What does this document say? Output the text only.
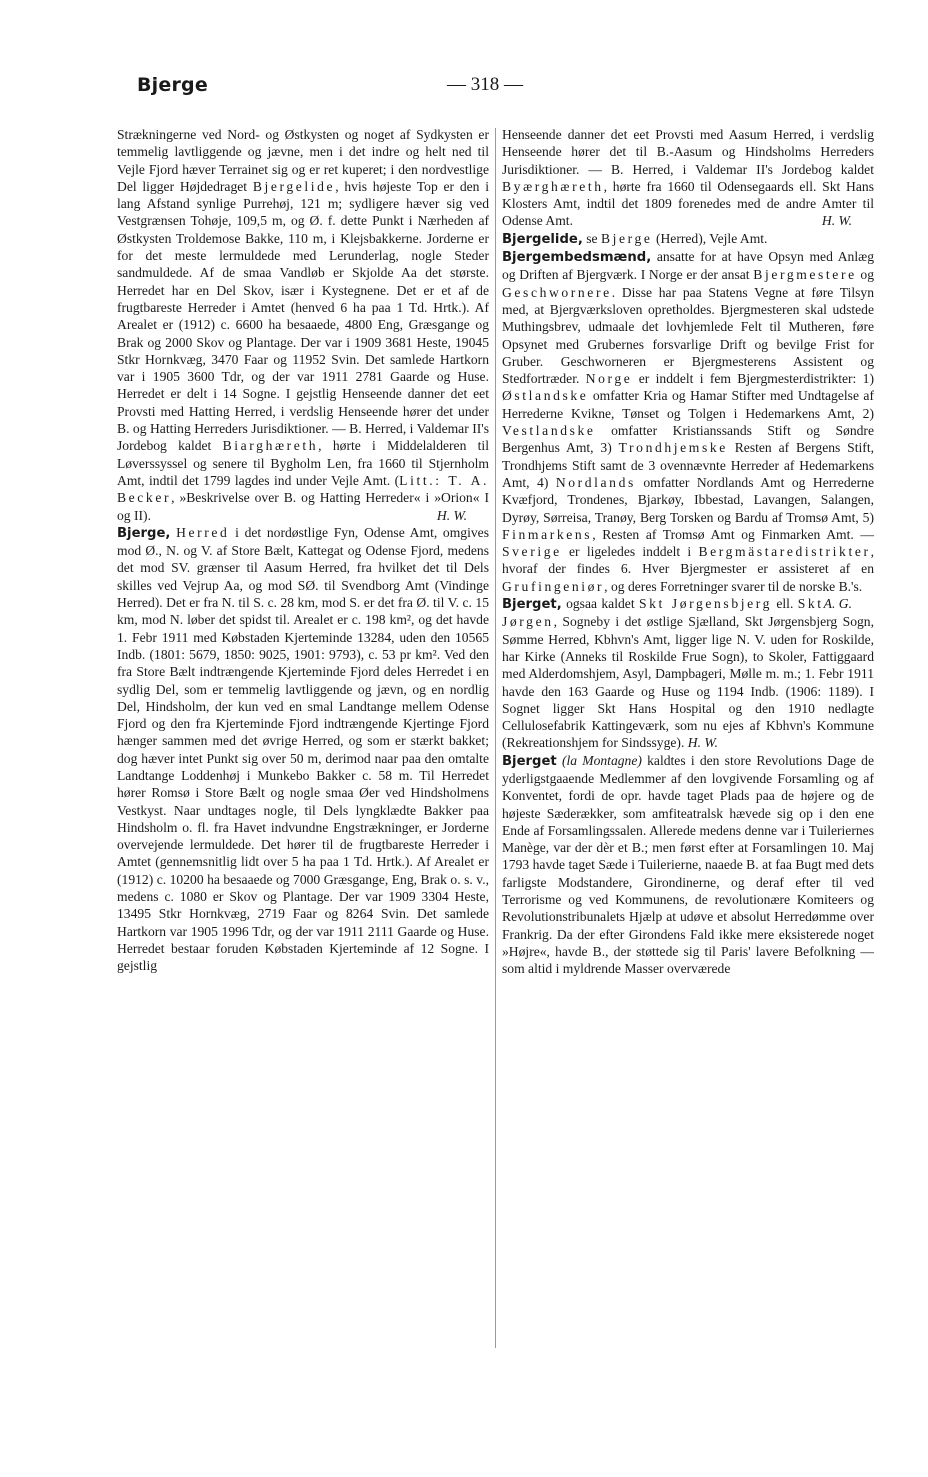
Bjerge	— 318 —

Strækningerne ved Nord- og Østkysten og noget af Sydkysten er temmelig lavtliggende og jævne, men i det indre og helt ned til Vejle Fjord hæver Terrainet sig og er ret kuperet; i den nordvestlige Del ligger Højdedraget Bjergelide, hvis højeste Top er den i lang Afstand synlige Purrehøj, 121 m; sydligere hæver sig ved Vestgrænsen Tohøje, 109,5 m, og Ø. f. dette Punkt i Nærheden af Østkysten Troldemose Bakke, 110 m, i Klejsbakkerne. Jorderne er for det meste lermuldede med Lerunderlag, nogle Steder sandmuldede. Af de smaa Vandløb er Skjolde Aa det største. Herredet har en Del Skov, især i Kystegnene. Det er et af de frugtbareste Herreder i Amtet (henved 6 ha paa 1 Td. Hrtk.). Af Arealet er (1912) c. 6600 ha besaaede, 4800 Eng, Græsgange og Brak og 2000 Skov og Plantage. Der var i 1909 3681 Heste, 19045 Stkr Hornkvæg, 3470 Faar og 11952 Svin. Det samlede Hartkorn var i 1905 3600 Tdr, og der var 1911 2781 Gaarde og Huse. Herredet er delt i 14 Sogne. I gejstlig Henseende danner det eet Provsti med Hatting Herred, i verdslig Henseende hører det under B. og Hatting Herreders Jurisdiktioner. — B. Herred, i Valdemar II's Jordebog kaldet Biarghæreth, hørte i Middelalderen til Løverssyssel og senere til Bygholm Len, fra 1660 til Stjernholm Amt, indtil det 1799 lagdes ind under Vejle Amt. (Litt.: T. A. Becker, »Beskrivelse over B. og Hatting Herreder« i »Orion« I og II).	H. W.

Bjerge, Herred i det nordøstlige Fyn, Odense Amt, omgives mod Ø., N. og V. af Store Bælt, Kattegat og Odense Fjord, medens det mod SV. grænser til Aasum Herred, fra hvilket det til Dels skilles ved Vejrup Aa, og mod SØ. til Svendborg Amt (Vindinge Herred). Det er fra N. til S. c. 28 km, mod S. er det fra Ø. til V. c. 15 km, mod N. løber det spidst til. Arealet er c. 198 km², og det havde 1. Febr 1911 med Købstaden Kjerteminde 13284, uden den 10565 Indb. (1801: 5679, 1850: 9025, 1901: 9793), c. 53 pr km². Ved den fra Store Bælt indtrængende Kjerteminde Fjord deles Herredet i en sydlig Del, som er temmelig lavtliggende og jævn, og en nordlig Del, Hindsholm, der kun ved en smal Landtange mellem Odense Fjord og den fra Kjerteminde Fjord indtrængende Kjertinge Fjord hænger sammen med det øvrige Herred, og som er stærkt bakket; dog hæver intet Punkt sig over 50 m, derimod naar paa den omtalte Landtange Loddenhøj i Munkebo Bakker c. 58 m. Til Herredet hører Romsø i Store Bælt og nogle smaa Øer ved Hindsholmens Vestkyst. Naar undtages nogle, til Dels lyngklædte Bakker paa Hindsholm o. fl. fra Havet indvundne Engstrækninger, er Jorderne overvejende lermuldede. Det hører til de frugtbareste Herreder i Amtet (gennemsnitlig lidt over 5 ha paa 1 Td. Hrtk.). Af Arealet er (1912) c. 10200 ha besaaede og 7000 Græsgange, Eng, Brak o. s. v., medens c. 1080 er Skov og Plantage. Der var 1909 3304 Heste, 13495 Stkr Hornkvæg, 2719 Faar og 8264 Svin. Det samlede Hartkorn var 1905 1996 Tdr, og der var 1911 2111 Gaarde og Huse. Herredet bestaar foruden Købstaden Kjerteminde af 12 Sogne. I gejstlig

Henseende danner det eet Provsti med Aasum Herred, i verdslig Henseende hører det til B.-Aasum og Hindsholms Herreders Jurisdiktioner. — B. Herred, i Valdemar II's Jordebog kaldet Byærghæreth, hørte fra 1660 til Odensegaards ell. Skt Hans Klosters Amt, indtil det 1809 forenedes med de andre Amter til Odense Amt.	H. W.

Bjergelide, se Bjerge (Herred), Vejle Amt.

Bjergembedsmænd, ansatte for at have Opsyn med Anlæg og Driften af Bjergværk. I Norge er der ansat Bjergmestere og Geschwornere. Disse har paa Statens Vegne at føre Tilsyn med, at Bjergværksloven opretholdes. Bjergmesteren skal udstede Muthingsbrev, udmaale det lovhjemlede Felt til Mutheren, føre Opsynet med Grubernes forsvarlige Drift og bevilge Frist for Gruber. Geschworneren er Bjergmesterens Assistent og Stedfortræder. Norge er inddelt i fem Bjergmesterdistrikter: 1) Østlandske omfatter Kria og Hamar Stifter med Undtagelse af Herrederne Kvikne, Tønset og Tolgen i Hedemarkens Amt, 2) Vestlandske omfatter Kristianssands Stift og Søndre Bergenhus Amt, 3) Trondhjemske Resten af Bergens Stift, Trondhjems Stift samt de 3 ovennævnte Herreder af Hedemarkens Amt, 4) Nordlands omfatter Nordlands Amt og Herrederne Kvæfjord, Trondenes, Bjarkøy, Ibbestad, Lavangen, Salangen, Dyrøy, Sørreisa, Tranøy, Berg Torsken og Bardu af Tromsø Amt, 5) Finmarkens, Resten af Tromsø Amt og Finmarken Amt. — Sverige er ligeledes inddelt i Bergmästaredistrikter, hvoraf der findes 6. Hver Bjergmester er assisteret af en Grufingeniør, og deres Forretninger svarer til de norske B.'s.
A. G.

Bjerget, ogsaa kaldet Skt Jørgensbjerg ell. Skt Jørgen, Sogneby i det østlige Sjælland, Skt Jørgensbjerg Sogn, Sømme Herred, Kbhvn's Amt, ligger lige N. V. uden for Roskilde, har Kirke (Anneks til Roskilde Frue Sogn), to Skoler, Fattiggaard med Alderdomshjem, Asyl, Dampbageri, Mølle m. m.; 1. Febr 1911 havde den 163 Gaarde og Huse og 1194 Indb. (1906: 1189). I Sognet ligger Skt Hans Hospital og den 1910 nedlagte Cellulosefabrik Kattingeværk, som nu ejes af Kbhvn's Kommune (Rekreationshjem for Sindssyge). H. W.

Bjerget (la Montagne) kaldtes i den store Revolutions Dage de yderligstgaaende Medlemmer af den lovgivende Forsamling og af Konventet, fordi de opr. havde taget Plads paa de højere og de højeste Sæderækker, som amfiteatralsk hævede sig op i den ene Ende af Forsamlingssalen. Allerede medens denne var i Tuileriernes Manège, var der dèr et B.; men først efter at Forsamlingen 10. Maj 1793 havde taget Sæde i Tuilerierne, naaede B. at faa Bugt med dets farligste Modstandere, Girondinerne, og deraf efter til ved Terrorisme og ved Kommunens, de revolutionære Komiteers og Revolutionstribunalets Hjælp at udøve et absolut Herredømme over Frankrig. Da der efter Girondens Fald ikke mere eksisterede noget »Højre«, havde B., der støttede sig til Paris' lavere Befolkning — som altid i myldrende Masser overværede
